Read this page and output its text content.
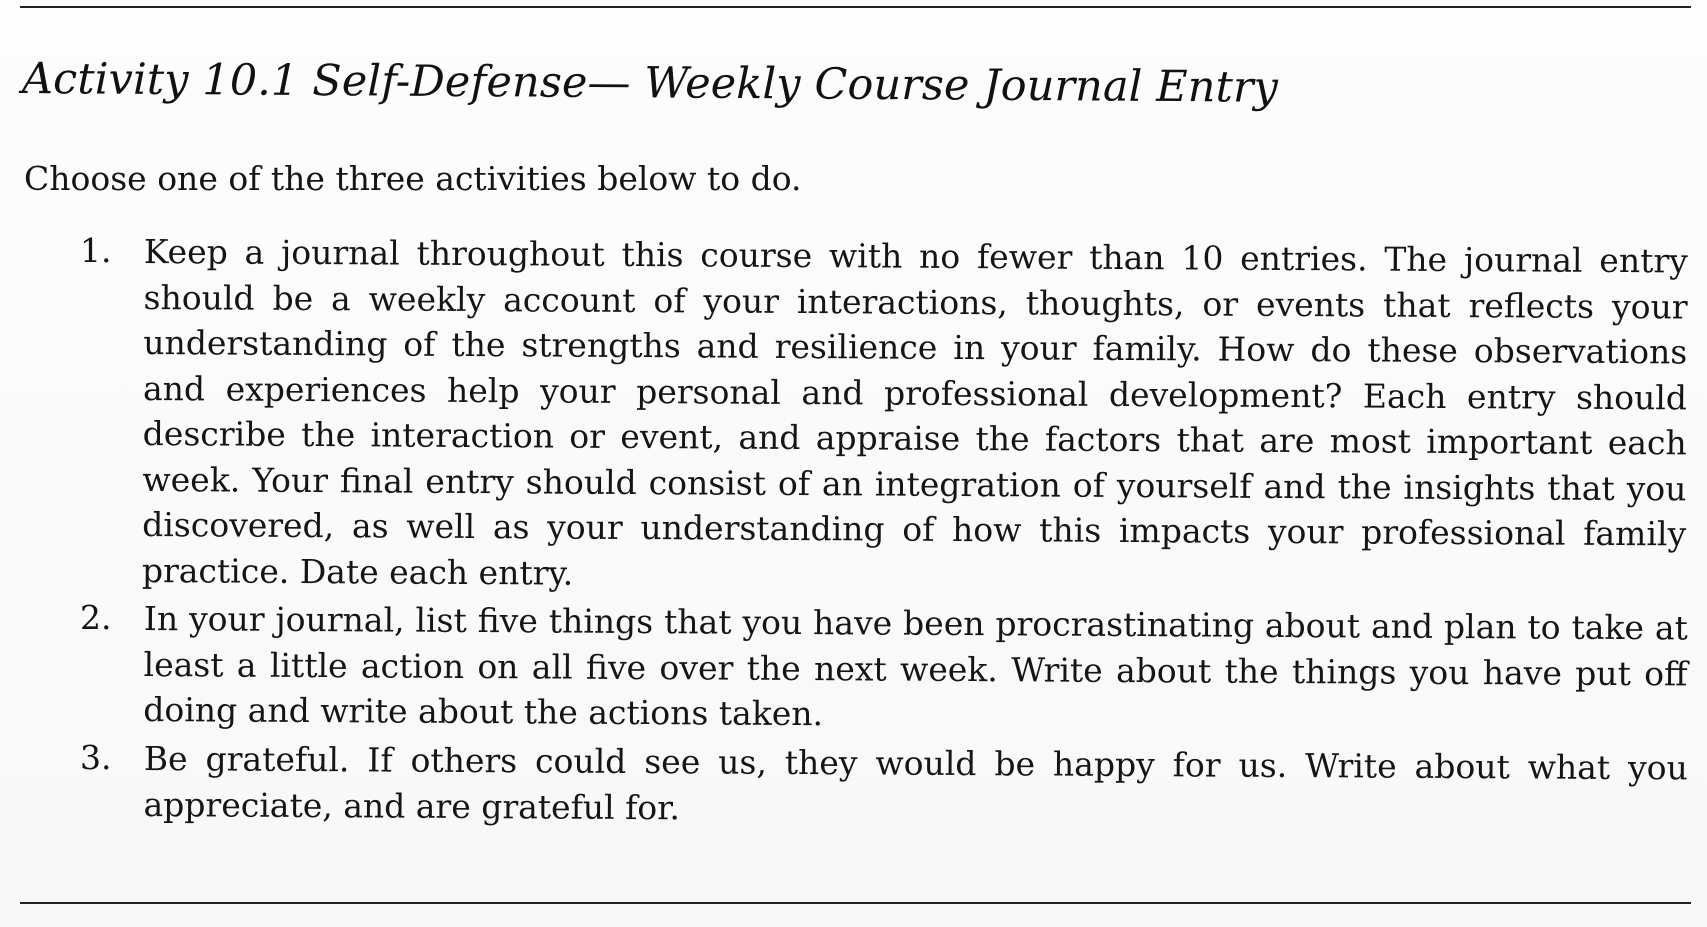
Activity 10.1 Self-Defense— Weekly Course Journal Entry

Choose one of the three activities below to do.

1. Keep a journal throughout this course with no fewer than 10 entries. The journal entry should be a weekly account of your interactions, thoughts, or events that reflects your understanding of the strengths and resilience in your family. How do these observations and experiences help your personal and professional development? Each entry should describe the interaction or event, and appraise the factors that are most important each week. Your final entry should consist of an integration of yourself and the insights that you discovered, as well as your understanding of how this impacts your professional family practice. Date each entry.
2. In your journal, list five things that you have been procrastinating about and plan to take at least a little action on all five over the next week. Write about the things you have put off doing and write about the actions taken.
3. Be grateful. If others could see us, they would be happy for us. Write about what you appreciate, and are grateful for.
